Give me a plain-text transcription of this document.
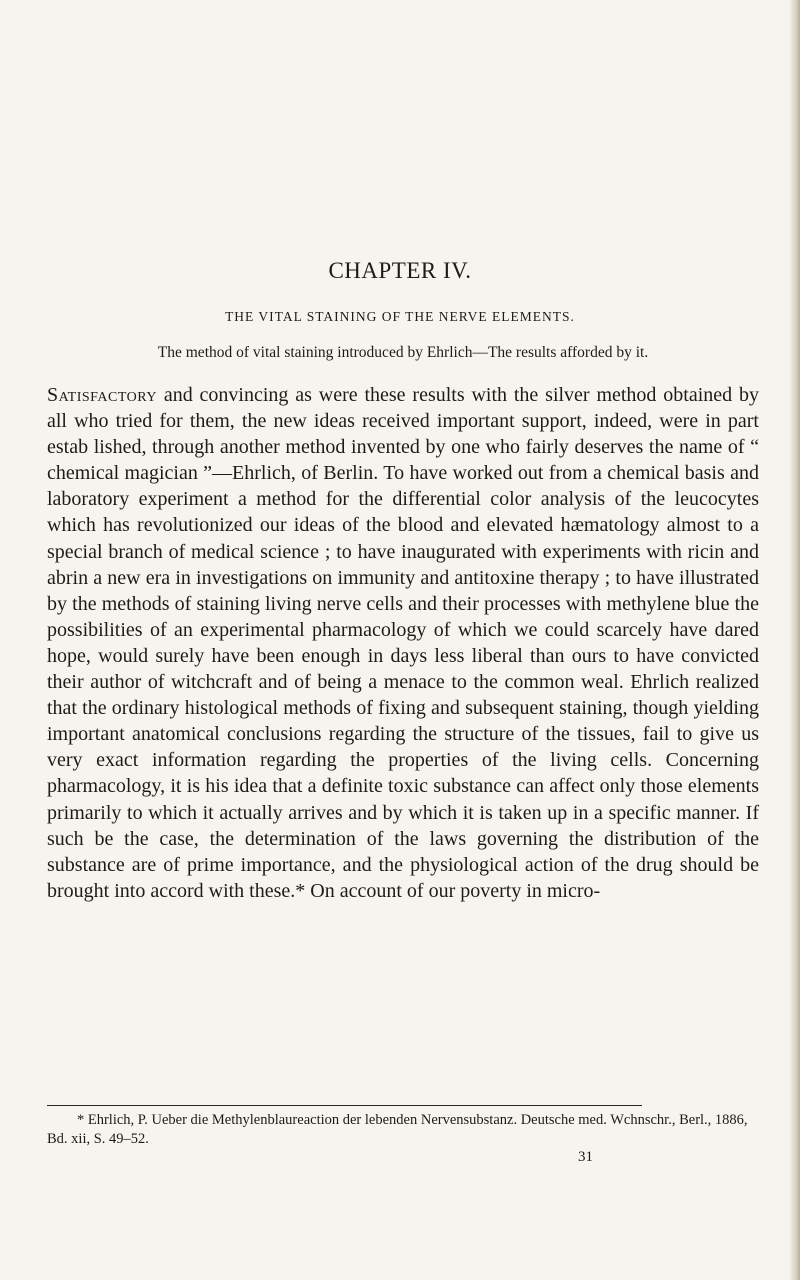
CHAPTER IV.
THE VITAL STAINING OF THE NERVE ELEMENTS.
The method of vital staining introduced by Ehrlich—The results afforded by it.
Satisfactory and convincing as were these results with the silver method obtained by all who tried for them, the new ideas received important support, indeed, were in part estab lished, through another method invented by one who fairly deserves the name of “ chemical magician ”—Ehrlich, of Berlin. To have worked out from a chemical basis and laboratory experiment a method for the differential color analysis of the leucocytes which has revolutionized our ideas of the blood and elevated hæmatology almost to a special branch of medical science ; to have inaugurated with experiments with ricin and abrin a new era in investigations on immunity and antitoxine therapy ; to have illustrated by the methods of staining living nerve cells and their processes with methylene blue the possibilities of an experimental pharmacology of which we could scarcely have dared hope, would surely have been enough in days less liberal than ours to have convicted their author of witchcraft and of being a menace to the common weal. Ehrlich realized that the ordinary histological methods of fixing and subsequent staining, though yielding important anatomical conclusions regarding the structure of the tissues, fail to give us very exact information regarding the properties of the living cells. Concerning pharmacology, it is his idea that a definite toxic substance can affect only those elements primarily to which it actually arrives and by which it is taken up in a specific manner. If such be the case, the determination of the laws governing the distribution of the substance are of prime importance, and the physiological action of the drug should be brought into accord with these.* On account of our poverty in micro-
* Ehrlich, P. Ueber die Methylenblaureaction der lebenden Nervensubstanz. Deutsche med. Wchnschr., Berl., 1886, Bd. xii, S. 49–52.
31
